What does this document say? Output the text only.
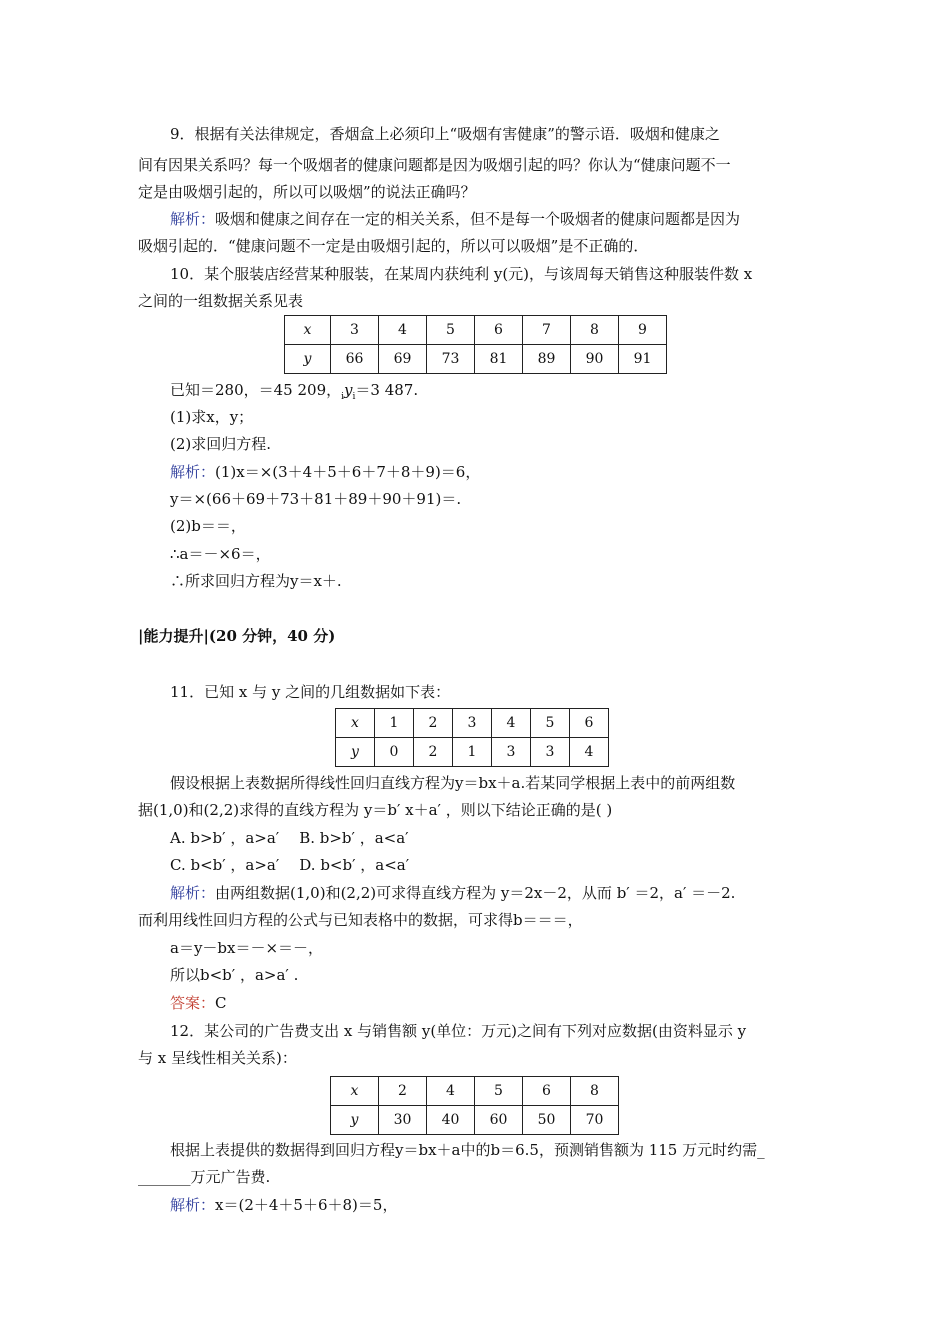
9．根据有关法律规定，香烟盒上必须印上“吸烟有害健康”的警示语．吸烟和健康之
间有因果关系吗？每一个吸烟者的健康问题都是因为吸烟引起的吗？你认为“健康问题不一
定是由吸烟引起的，所以可以吸烟”的说法正确吗？
解析：吸烟和健康之间存在一定的相关关系，但不是每一个吸烟者的健康问题都是因为
吸烟引起的．“健康问题不一定是由吸烟引起的，所以可以吸烟”是不正确的．
10．某个服装店经营某种服装，在某周内获纯利 y(元)，与该周每天销售这种服装件数 x
之间的一组数据关系见表
x	3	4	5	6	7	8	9
y	66	69	73	81	89	90	91
已知＝280，＝45 209，$_iy_i=3$ 487.
(1)求x，y；
(2)求回归方程.
解析：(1)x＝×(3＋4＋5＋6＋7＋8＋9)＝6，
y＝×(66＋69＋73＋81＋89＋90＋91)＝.
(2)b＝＝，
∴a＝－×6＝，
∴所求回归方程为y＝x＋.
|能力提升|(20 分钟，40 分)
11．已知 x 与 y 之间的几组数据如下表：
x	1	2	3	4	5	6
y	0	2	1	3	3	4
假设根据上表数据所得线性回归直线方程为y＝bx＋a.若某同学根据上表中的前两组数
据(1,0)和(2,2)求得的直线方程为 y＝b′ x＋a′ ，则以下结论正确的是( )
A. b>b′ ，a>a′ B. b>b′ ，a<a′
C. b<b′ ，a>a′ D. b<b′ ，a<a′
解析：由两组数据(1,0)和(2,2)可求得直线方程为 y＝2x－2，从而 b′ ＝2，a′ ＝－2.
而利用线性回归方程的公式与已知表格中的数据，可求得b＝＝＝，
a＝y－bx＝－×＝－，
所以b<b′ ，a>a′ .
答案：C
12．某公司的广告费支出 x 与销售额 y(单位：万元)之间有下列对应数据(由资料显示 y
与 x 呈线性相关关系)：
x	2	4	5	6	8
y	30	40	60	50	70
根据上表提供的数据得到回归方程y＝bx＋a中的b＝6.5，预测销售额为 115 万元时约需_
_______万元广告费.
解析：x＝(2＋4＋5＋6＋8)＝5，
